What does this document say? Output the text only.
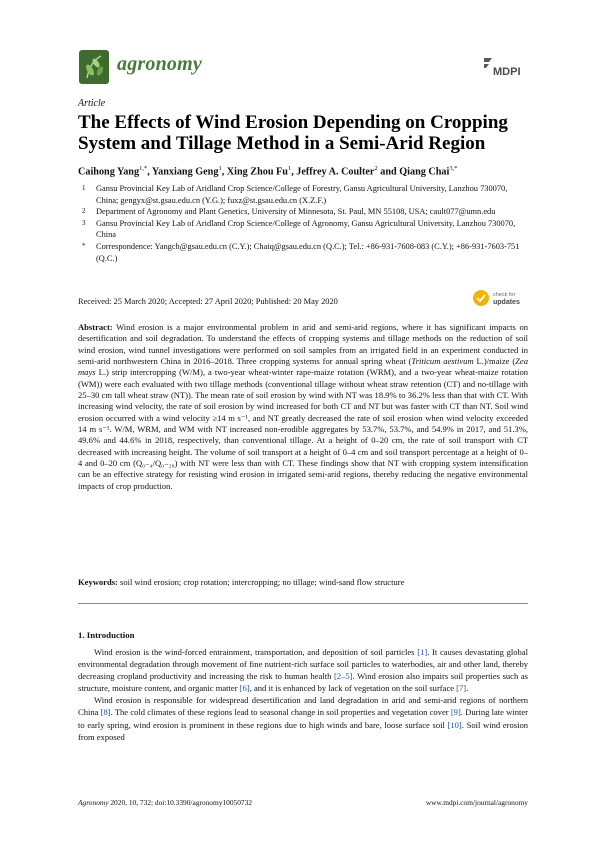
agronomy	MDPI
Article
The Effects of Wind Erosion Depending on Cropping System and Tillage Method in a Semi-Arid Region
Caihong Yang$^{1,*}$, Yanxiang Geng$^1$, Xing Zhou Fu$^1$, Jeffrey A. Coulter$^2$ and Qiang Chai$^{3,*}$
1 Gansu Provincial Key Lab of Aridland Crop Science/College of Forestry, Gansu Agricultural University, Lanzhou 730070, China; gengyx@st.gsau.edu.cn (Y.G.); fuxz@st.gsau.edu.cn (X.Z.F.)
2 Department of Agronomy and Plant Genetics, University of Minnesota, St. Paul, MN 55108, USA; cault077@umn.edu
3 Gansu Provincial Key Lab of Aridland Crop Science/College of Agronomy, Gansu Agricultural University, Lanzhou 730070, China
* Correspondence: Yangch@gsau.edu.cn (C.Y.); Chaiq@gsau.edu.cn (Q.C.); Tel.: +86-931-7608-083 (C.Y.); +86-931-7603-751 (Q.C.)
Received: 25 March 2020; Accepted: 27 April 2020; Published: 20 May 2020
check for
updates
Abstract: Wind erosion is a major environmental problem in arid and semi-arid regions, where it has significant impacts on desertification and soil degradation. To understand the effects of cropping systems and tillage methods on the reduction of soil wind erosion, wind tunnel investigations were performed on soil samples from an irrigated field in an experiment conducted in semi-arid northwestern China in 2016–2018. Three cropping systems for annual spring wheat (Triticum aestivum L.)/maize (Zea mays L.) strip intercropping (W/M), a two-year wheat-winter rape-maize rotation (WRM), and a two-year wheat-maize rotation (WM)) were each evaluated with two tillage methods (conventional tillage without wheat straw retention (CT) and no-tillage with 25–30 cm tall wheat straw (NT)). The mean rate of soil erosion by wind with NT was 18.9% to 36.2% less than that with CT. With increasing wind velocity, the rate of soil erosion by wind increased for both CT and NT but was faster with CT than NT. Soil wind erosion occurred with a wind velocity ≥14 m s⁻¹, and NT greatly decreased the rate of soil erosion when wind velocity exceeded 14 m s⁻¹. W/M, WRM, and WM with NT increased non-erodible aggregates by 53.7%, 53.7%, and 54.9% in 2017, and 51.3%, 49.6% and 44.6% in 2018, respectively, than conventional tillage. At a height of 0–20 cm, the rate of soil transport with CT decreased with increasing height. The volume of soil transport at a height of 0–4 cm and soil transport percentage at a height of 0–4 and 0–20 cm (Q₀₋₄/Q₀₋₂₀) with NT were less than with CT. These findings show that NT with cropping system intensification can be an effective strategy for resisting wind erosion in irrigated semi-arid regions, thereby reducing the negative environmental impacts of crop production.
Keywords: soil wind erosion; crop rotation; intercropping; no tillage; wind-sand flow structure
1. Introduction

Wind erosion is the wind-forced entrainment, transportation, and deposition of soil particles [1]. It causes devastating global environmental degradation through movement of fine nutrient-rich surface soil particles to waterbodies, air and other land, thereby decreasing cropland productivity and increasing the risk to human health [2–5]. Wind erosion also impairs soil properties such as structure, moisture content, and organic matter [6], and it is enhanced by lack of vegetation on the soil surface [7].

Wind erosion is responsible for widespread desertification and land degradation in arid and semi-arid regions of northern China [8]. The cold climates of these regions lead to seasonal change in soil properties and vegetation cover [9]. During late winter to early spring, wind erosion is prominent in these regions due to high winds and bare, loose surface soil [10]. Soil wind erosion from exposed

Agronomy 2020, 10, 732; doi:10.3390/agronomy10050732	www.mdpi.com/journal/agronomy
